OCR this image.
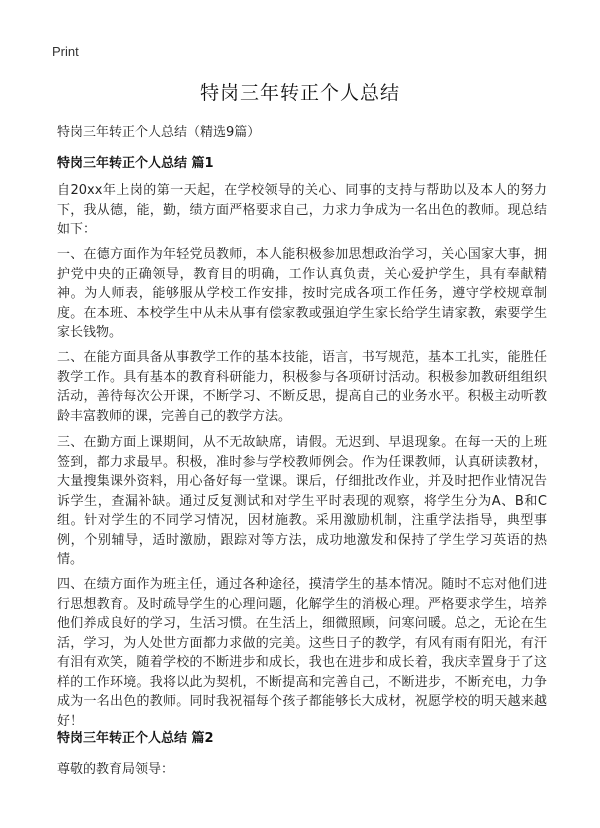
Print
特岗三年转正个人总结
特岗三年转正个人总结（精选9篇）
特岗三年转正个人总结 篇1

自20xx年上岗的第一天起，在学校领导的关心、同事的支持与帮助以及本人的努力下，我从德，能，勤，绩方面严格要求自己，力求力争成为一名出色的教师。现总结如下：

一、在德方面作为年轻党员教师，本人能积极参加思想政治学习，关心国家大事，拥护党中央的正确领导，教育目的明确，工作认真负责，关心爱护学生，具有奉献精神。为人师表，能够服从学校工作安排，按时完成各项工作任务，遵守学校规章制度。在本班、本校学生中从未从事有偿家教或强迫学生家长给学生请家教，索要学生家长钱物。

二、在能方面具备从事教学工作的基本技能，语言，书写规范，基本工扎实，能胜任教学工作。具有基本的教育科研能力，积极参与各项研讨活动。积极参加教研组组织活动，善待每次公开课，不断学习、不断反思，提高自己的业务水平。积极主动听教龄丰富教师的课，完善自己的教学方法。

三、在勤方面上课期间，从不无故缺席，请假。无迟到、早退现象。在每一天的上班签到，都力求最早。积极，准时参与学校教师例会。作为任课教师，认真研读教材，大量搜集课外资料，用心备好每一堂课。课后，仔细批改作业，并及时把作业情况告诉学生，查漏补缺。通过反复测试和对学生平时表现的观察，将学生分为A、B和C组。针对学生的不同学习情况，因材施教。采用激励机制，注重学法指导，典型事例，个别辅导，适时激励，跟踪对等方法，成功地激发和保持了学生学习英语的热情。

四、在绩方面作为班主任，通过各种途径，摸清学生的基本情况。随时不忘对他们进行思想教育。及时疏导学生的心理问题，化解学生的消极心理。严格要求学生，培养他们养成良好的学习，生活习惯。在生活上，细微照顾，问寒问暖。总之，无论在生活，学习，为人处世方面都力求做的完美。这些日子的教学，有风有雨有阳光，有汗有泪有欢笑，随着学校的不断进步和成长，我也在进步和成长着，我庆幸置身于了这样的工作环境。我将以此为契机，不断提高和完善自己，不断进步，不断充电，力争成为一名出色的教师。同时我祝福每个孩子都能够长大成材，祝愿学校的明天越来越好！

特岗三年转正个人总结 篇2

尊敬的教育局领导：
